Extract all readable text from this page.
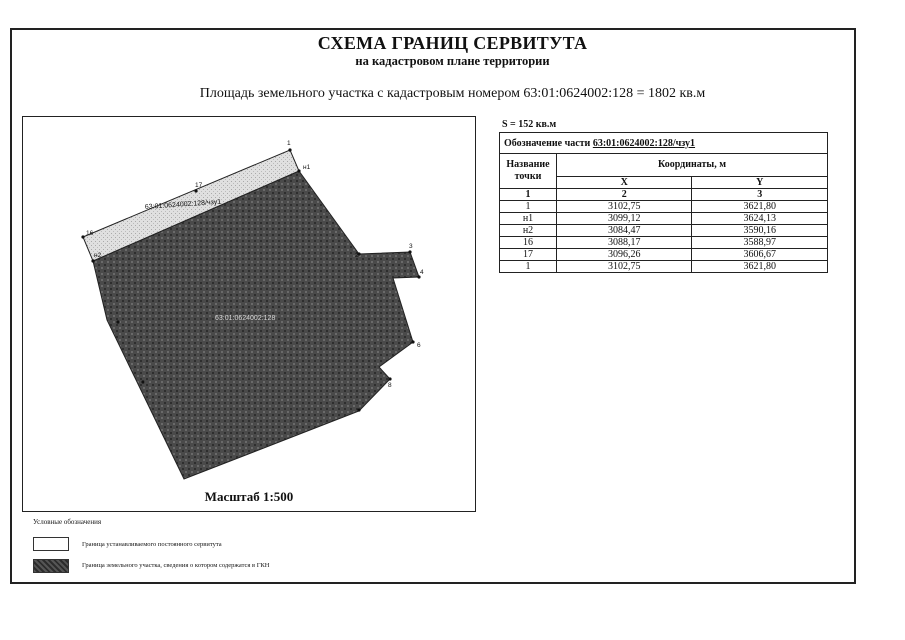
СХЕМА ГРАНИЦ СЕРВИТУТА
на кадастровом плане территории
Площадь земельного участка с кадастровым номером 63:01:0624002:128 = 1802 кв.м
1
н1
2
3
4
6
8
16
н2
17
63:01:0624002:128/чзу1
63:01:0624002:128
Масштаб 1:500
S = 152 кв.м
Обозначение части 63:01:0624002:128/чзу1		
Название точки	Координаты, м	
	X	Y
1	2	3
1	3102,75	3621,80
н1	3099,12	3624,13
н2	3084,47	3590,16
16	3088,17	3588,97
17	3096,26	3606,67
1	3102,75	3621,80
Условные обозначения
Граница устанавливаемого постоянного сервитута
Граница земельного участка, сведения о котором содержатся в ГКН
